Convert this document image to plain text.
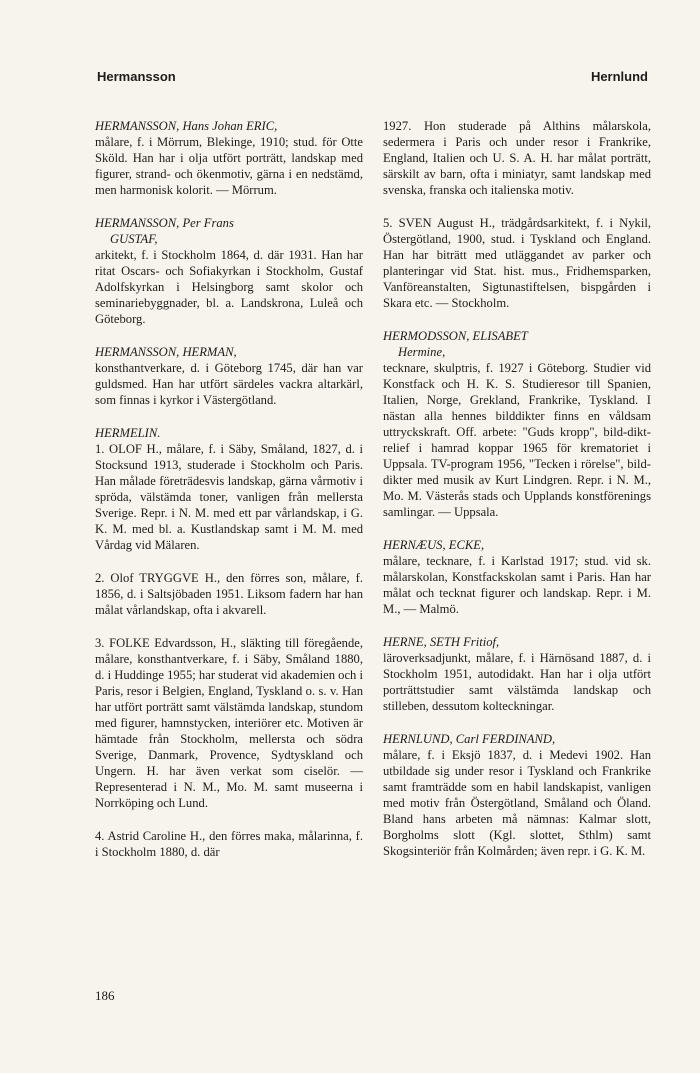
Hermansson	Hernlund
HERMANSSON, Hans Johan ERIC,

målare, f. i Mörrum, Blekinge, 1910; stud. för Otte Sköld. Han har i olja utfört porträtt, landskap med figurer, strand- och ökenmotiv, gärna i en nedstämd, men harmonisk kolorit. — Mörrum.

HERMANSSON, Per Frans
GUSTAF,

arkitekt, f. i Stockholm 1864, d. där 1931. Han har ritat Oscars- och Sofiakyrkan i Stockholm, Gustaf Adolfskyrkan i Helsingborg samt skolor och seminariebyggnader, bl. a. Landskrona, Luleå och Göteborg.

HERMANSSON, HERMAN,

konsthantverkare, d. i Göteborg 1745, där han var guldsmed. Han har utfört särdeles vackra altarkärl, som finnas i kyrkor i Västergötland.

HERMELIN.

1. OLOF H., målare, f. i Säby, Småland, 1827, d. i Stocksund 1913, studerade i Stockholm och Paris. Han målade företrädesvis landskap, gärna vårmotiv i spröda, välstämda toner, vanligen från mellersta Sverige. Repr. i N. M. med ett par vårlandskap, i G. K. M. med bl. a. Kustlandskap samt i M. M. med Vårdag vid Mälaren.

2. Olof TRYGGVE H., den förres son, målare, f. 1856, d. i Saltsjöbaden 1951. Liksom fadern har han målat vårlandskap, ofta i akvarell.

3. FOLKE Edvardsson, H., släkting till föregående, målare, konsthantverkare, f. i Säby, Småland 1880, d. i Huddinge 1955; har studerat vid akademien och i Paris, resor i Belgien, England, Tyskland o. s. v. Han har utfört porträtt samt välstämda landskap, stundom med figurer, hamnstycken, interiörer etc. Motiven är hämtade från Stockholm, mellersta och södra Sverige, Danmark, Provence, Sydtyskland och Ungern. H. har även verkat som ciselör. — Representerad i N. M., Mo. M. samt museerna i Norrköping och Lund.

4. Astrid Caroline H., den förres maka, målarinna, f. i Stockholm 1880, d. där

1927. Hon studerade på Althins målarskola, sedermera i Paris och under resor i Frankrike, England, Italien och U. S. A. H. har målat porträtt, särskilt av barn, ofta i miniatyr, samt landskap med svenska, franska och italienska motiv.

5. SVEN August H., trädgårdsarkitekt, f. i Nykil, Östergötland, 1900, stud. i Tyskland och England. Han har biträtt med utläggandet av parker och planteringar vid Stat. hist. mus., Fridhemsparken, Vanföreanstalten, Sigtunastiftelsen, bispgården i Skara etc. — Stockholm.

HERMODSSON, ELISABET
Hermine,

tecknare, skulptris, f. 1927 i Göteborg. Studier vid Konstfack och H. K. S. Studieresor till Spanien, Italien, Norge, Grekland, Frankrike, Tyskland. I nästan alla hennes bilddikter finns en våldsam uttryckskraft. Off. arbete: "Guds kropp", bild-dikt-relief i hamrad koppar 1965 för krematoriet i Uppsala. TV-program 1956, "Tecken i rörelse", bild-dikter med musik av Kurt Lindgren. Repr. i N. M., Mo. M. Västerås stads och Upplands konstförenings samlingar. — Uppsala.

HERNÆUS, ECKE,

målare, tecknare, f. i Karlstad 1917; stud. vid sk. målarskolan, Konstfackskolan samt i Paris. Han har målat och tecknat figurer och landskap. Repr. i M. M., — Malmö.

HERNE, SETH Fritiof,

läroverksadjunkt, målare, f. i Härnösand 1887, d. i Stockholm 1951, autodidakt. Han har i olja utfört porträttstudier samt välstämda landskap och stilleben, dessutom kolteckningar.

HERNLUND, Carl FERDINAND,

målare, f. i Eksjö 1837, d. i Medevi 1902. Han utbildade sig under resor i Tyskland och Frankrike samt framträdde som en habil landskapist, vanligen med motiv från Östergötland, Småland och Öland. Bland hans arbeten må nämnas: Kalmar slott, Borgholms slott (Kgl. slottet, Sthlm) samt Skogsinteriör från Kolmården; även repr. i G. K. M.

186
